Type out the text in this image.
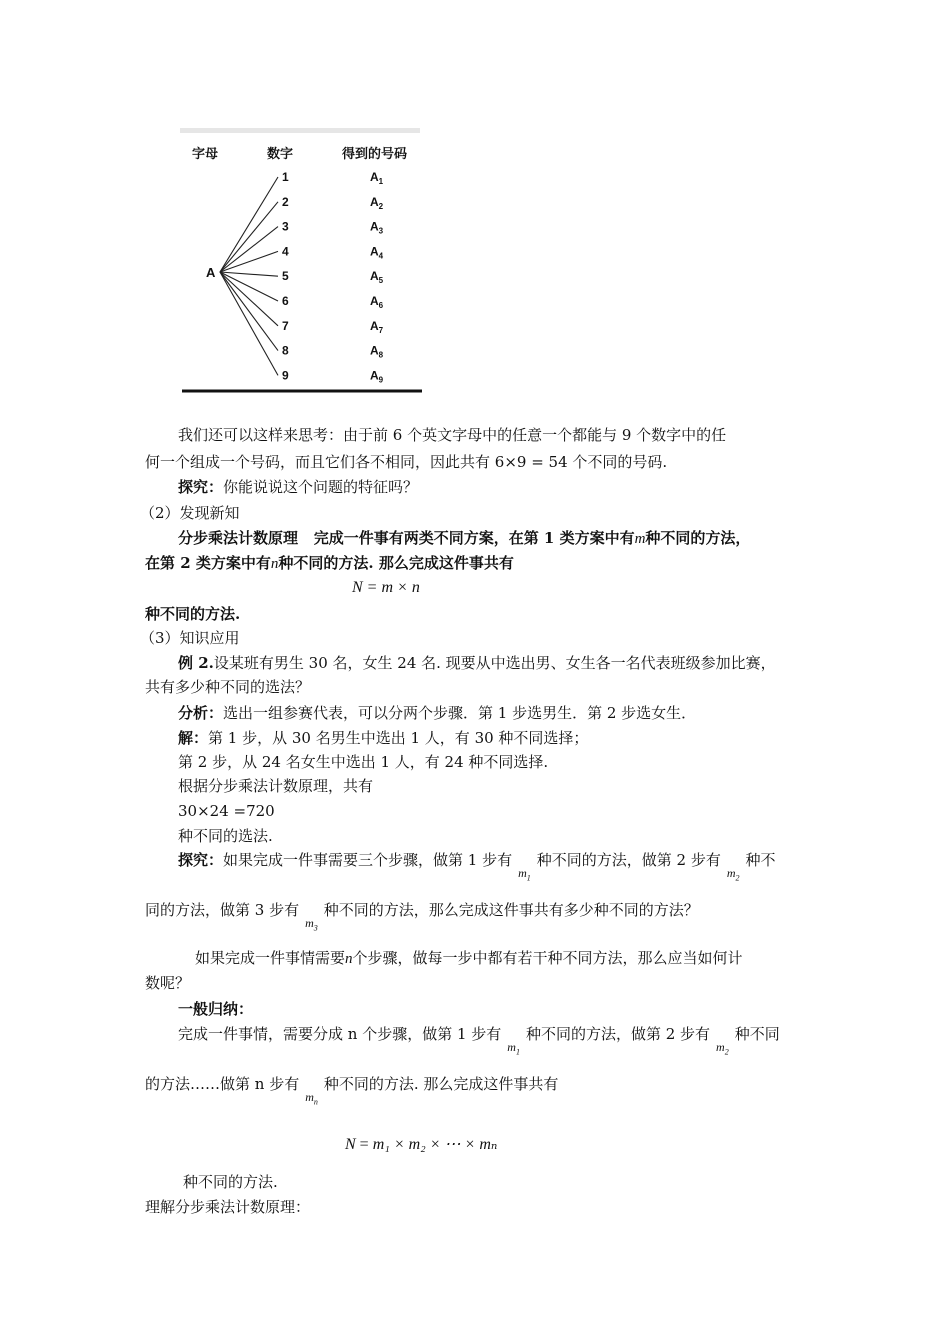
字母	数字	得到的号码
A
1
2
3
4
5
6
7
8
9
$A_1$
$A_2$
$A_3$
$A_4$
$A_5$
$A_6$
$A_7$
$A_8$
$A_9$
我们还可以这样来思考：由于前 6 个英文字母中的任意一个都能与 9 个数字中的任
何一个组成一个号码，而且它们各不相同，因此共有 6×9 = 54 个不同的号码.
探究：你能说说这个问题的特征吗？
（2）发现新知
分步乘法计数原理 完成一件事有两类不同方案，在第 1 类方案中有m种不同的方法，
在第 2 类方案中有n种不同的方法. 那么完成这件事共有
N = m × n
种不同的方法.
（3）知识应用
例 2.设某班有男生 30 名，女生 24 名. 现要从中选出男、女生各一名代表班级参加比赛，
共有多少种不同的选法？
分析：选出一组参赛代表，可以分两个步骤．第 1 步选男生．第 2 步选女生．
解：第 1 步，从 30 名男生中选出 1 人，有 30 种不同选择；
第 2 步，从 24 名女生中选出 1 人，有 24 种不同选择.
根据分步乘法计数原理，共有
30×24 =720
种不同的选法.
探究：如果完成一件事需要三个步骤，做第 1 步有$m_1$种不同的方法，做第 2 步有$m_2$种不
同的方法，做第 3 步有$m_3$种不同的方法，那么完成这件事共有多少种不同的方法？
如果完成一件事情需要n个步骤，做每一步中都有若干种不同方法，那么应当如何计
数呢？
一般归纳：
完成一件事情，需要分成 n 个步骤，做第 1 步有$m_1$种不同的方法，做第 2 步有$m_2$种不同
的方法……做第 n 步有$m_n$种不同的方法. 那么完成这件事共有
N = m₁ × m₂ × ⋯ × mₙ
种不同的方法.
理解分步乘法计数原理：
